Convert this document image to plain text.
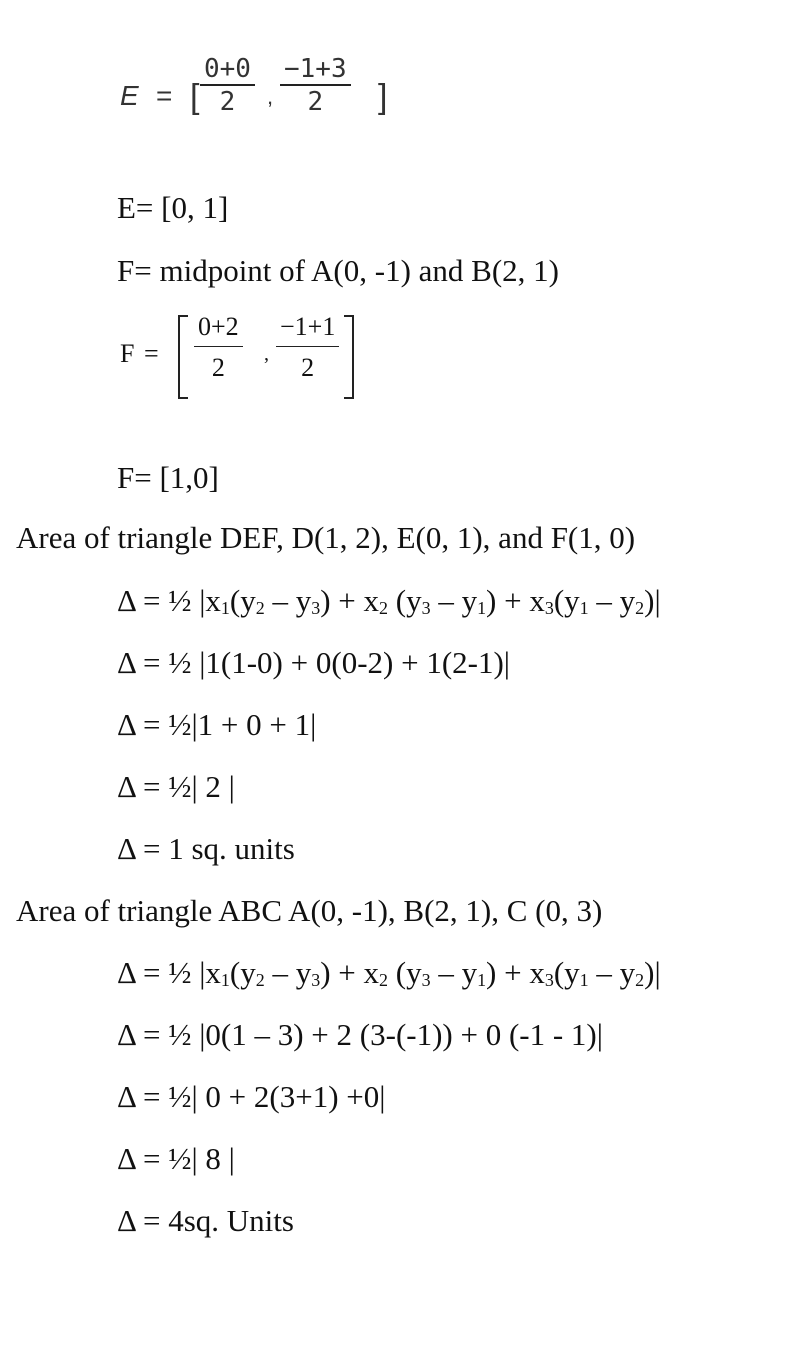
E = [
0+0
2	,
−1+3
2	]
E= [0, 1]
F= midpoint of A(0, -1) and B(2, 1)
F =
0+2
2	,
−1+1
2
F= [1,0]
Area of triangle DEF, D(1, 2), E(0, 1), and F(1, 0)
Δ = ½ $|x_1(y_2 - y_3) + x_2$ $(y_3 - y_1) + x_3(y_1 - y_2)|$
Δ = ½ |1(1-0) + 0(0-2) + 1(2-1)|
Δ = ½|1 + 0 + 1|
Δ = ½| 2 |
Δ = 1 sq. units
Area of triangle ABC A(0, -1), B(2, 1), C (0, 3)
Δ = ½ $|x_1(y_2 - y_3) + x_2$ $(y_3 - y_1) + x_3(y_1 - y_2)|$
Δ = ½ |0(1 – 3) + 2 (3-(-1)) + 0 (-1 - 1)|
Δ = ½| 0 + 2(3+1) +0|
Δ = ½| 8 |
Δ = 4sq. Units
